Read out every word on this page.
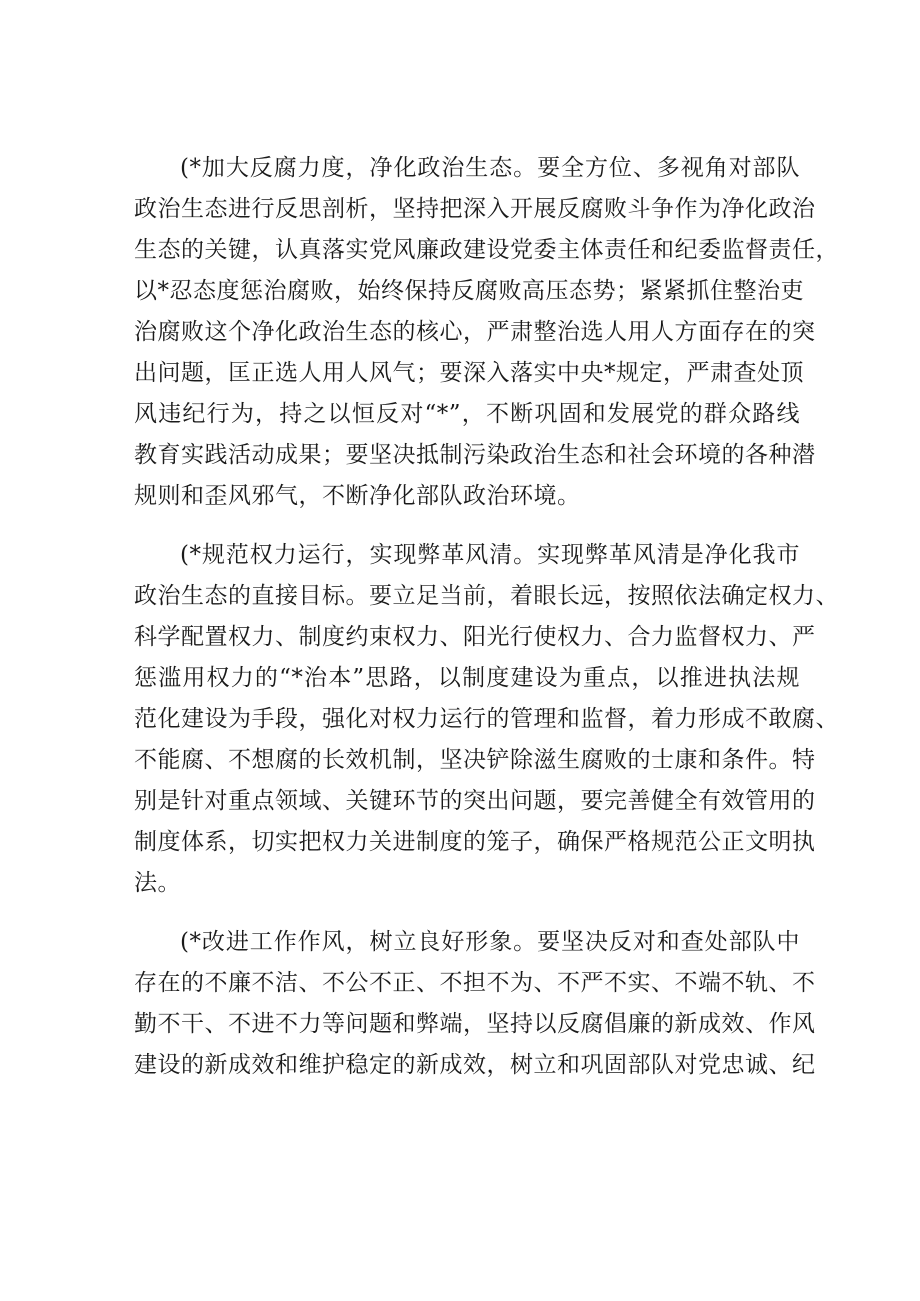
(*加大反腐力度，净化政治生态。要全方位、多视角对部队
政治生态进行反思剖析，坚持把深入开展反腐败斗争作为净化政治
生态的关键，认真落实党风廉政建设党委主体责任和纪委监督责任，
以*忍态度惩治腐败，始终保持反腐败高压态势；紧紧抓住整治吏
治腐败这个净化政治生态的核心，严肃整治选人用人方面存在的突
出问题，匡正选人用人风气；要深入落实中央*规定，严肃查处顶
风违纪行为，持之以恒反对“*”，不断巩固和发展党的群众路线
教育实践活动成果；要坚决抵制污染政治生态和社会环境的各种潜
规则和歪风邪气，不断净化部队政治环境。
(*规范权力运行，实现弊革风清。实现弊革风清是净化我市
政治生态的直接目标。要立足当前，着眼长远，按照依法确定权力、
科学配置权力、制度约束权力、阳光行使权力、合力监督权力、严
惩滥用权力的“*治本”思路，以制度建设为重点，以推进执法规
范化建设为手段，强化对权力运行的管理和监督，着力形成不敢腐、
不能腐、不想腐的长效机制，坚决铲除滋生腐败的士康和条件。特
别是针对重点领域、关键环节的突出问题，要完善健全有效管用的
制度体系，切实把权力关进制度的笼子，确保严格规范公正文明执
法。
(*改进工作作风，树立良好形象。要坚决反对和查处部队中
存在的不廉不洁、不公不正、不担不为、不严不实、不端不轨、不
勤不干、不进不力等问题和弊端，坚持以反腐倡廉的新成效、作风
建设的新成效和维护稳定的新成效，树立和巩固部队对党忠诚、纪
